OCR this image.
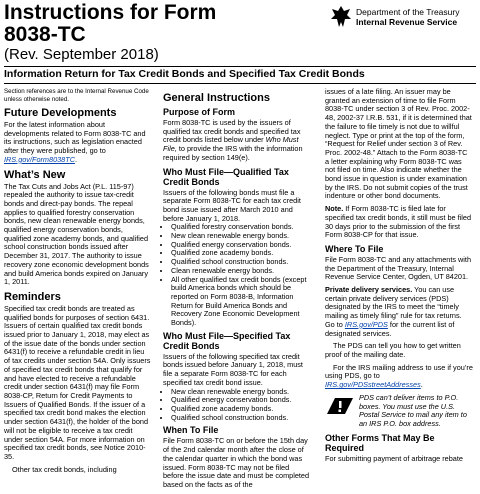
Instructions for Form
8038-TC
(Rev. September 2018)
Department of the Treasury
Internal Revenue Service
Information Return for Tax Credit Bonds and Specified Tax Credit Bonds

Section references are to the Internal Revenue Code unless otherwise noted.

Future Developments

For the latest information about developments related to Form 8038-TC and its instructions, such as legislation enacted after they were published, go to IRS.gov/Form8038TC.

What’s New

The Tax Cuts and Jobs Act (P.L. 115-97) repealed the authority to issue tax-credit bonds and direct-pay bonds. The repeal applies to qualified forestry conservation bonds, new clean renewable energy bonds, qualified energy conservation bonds, qualified zone academy bonds, and qualified school construction bonds issued after December 31, 2017. The authority to issue recovery zone economic development bonds and build America bonds expired on January 1, 2011.

Reminders

Specified tax credit bonds are treated as qualified bonds for purposes of section 6431. Issuers of certain qualified tax credit bonds issued prior to January 1, 2018, may elect as of the issue date of the bonds under section 6431(f) to receive a refundable credit in lieu of tax credits under section 54A. Only issuers of specified tax credit bonds that qualify for and have elected to receive a refundable credit under section 6431(f) may file Form 8038-CP, Return for Credit Payments to Issuers of Qualified Bonds. If the issuer of a specified tax credit bond makes the election under section 6431(f), the holder of the bond will not be eligible to receive a tax credit under section 54A. For more information on specified tax credit bonds, see Notice 2010-35.

Other tax credit bonds, including

General Instructions
Purpose of Form

Form 8038-TC is used by the issuers of qualified tax credit bonds and specified tax credit bonds listed below under Who Must File, to provide the IRS with the information required by section 149(e).

Who Must File—Qualified Tax Credit Bonds

Issuers of the following bonds must file a separate Form 8038-TC for each tax credit bond issue issued after March 2010 and before January 1, 2018.

• Qualified forestry conservation bonds.
• New clean renewable energy bonds.
• Qualified energy conservation bonds.
• Qualified zone academy bonds.
• Qualified school construction bonds.
• Clean renewable energy bonds.
• All other qualified tax credit bonds (except build America bonds which should be reported on Form 8038-B, Information Return for Build America Bonds and Recovery Zone Economic Development Bonds).
Who Must File—Specified Tax Credit Bonds

Issuers of the following specified tax credit bonds issued before January 1, 2018, must file a separate Form 8038-TC for each specified tax credit bond issue.

• New clean renewable energy bonds.
• Qualified energy conservation bonds.
• Qualified zone academy bonds.
• Qualified school construction bonds.
When To File

File Form 8038-TC on or before the 15th day of the 2nd calendar month after the close of the calendar quarter in which the bond was issued. Form 8038-TC may not be filed before the issue date and must be completed based on the facts as of the

issues of a late filing. An issuer may be granted an extension of time to file Form 8038-TC under section 3 of Rev. Proc. 2002-48, 2002-37 I.R.B. 531, if it is determined that the failure to file timely is not due to willful neglect. Type or print at the top of the form, “Request for Relief under section 3 of Rev. Proc. 2002-48.” Attach to the Form 8038-TC a letter explaining why Form 8038-TC was not filed on time. Also indicate whether the bond issue in question is under examination by the IRS. Do not submit copies of the trust indenture or other bond documents.

Note. If Form 8038-TC is filed late for specified tax credit bonds, it still must be filed 30 days prior to the submission of the first Form 8038-CP for that issue.

Where To File

File Form 8038-TC and any attachments with the Department of the Treasury, Internal Revenue Service Center, Ogden, UT 84201.

Private delivery services. You can use certain private delivery services (PDS) designated by the IRS to meet the “timely mailing as timely filing” rule for tax returns. Go to IRS.gov/PDS for the current list of designated services.

The PDS can tell you how to get written proof of the mailing date.

For the IRS mailing address to use if you’re using PDS, go to IRS.gov/PDSstreetAddresses.

PDS can’t deliver items to P.O. boxes. You must use the U.S. Postal Service to mail any item to an IRS P.O. box address.
Other Forms That May Be Required

For submitting payment of arbitrage rebate
